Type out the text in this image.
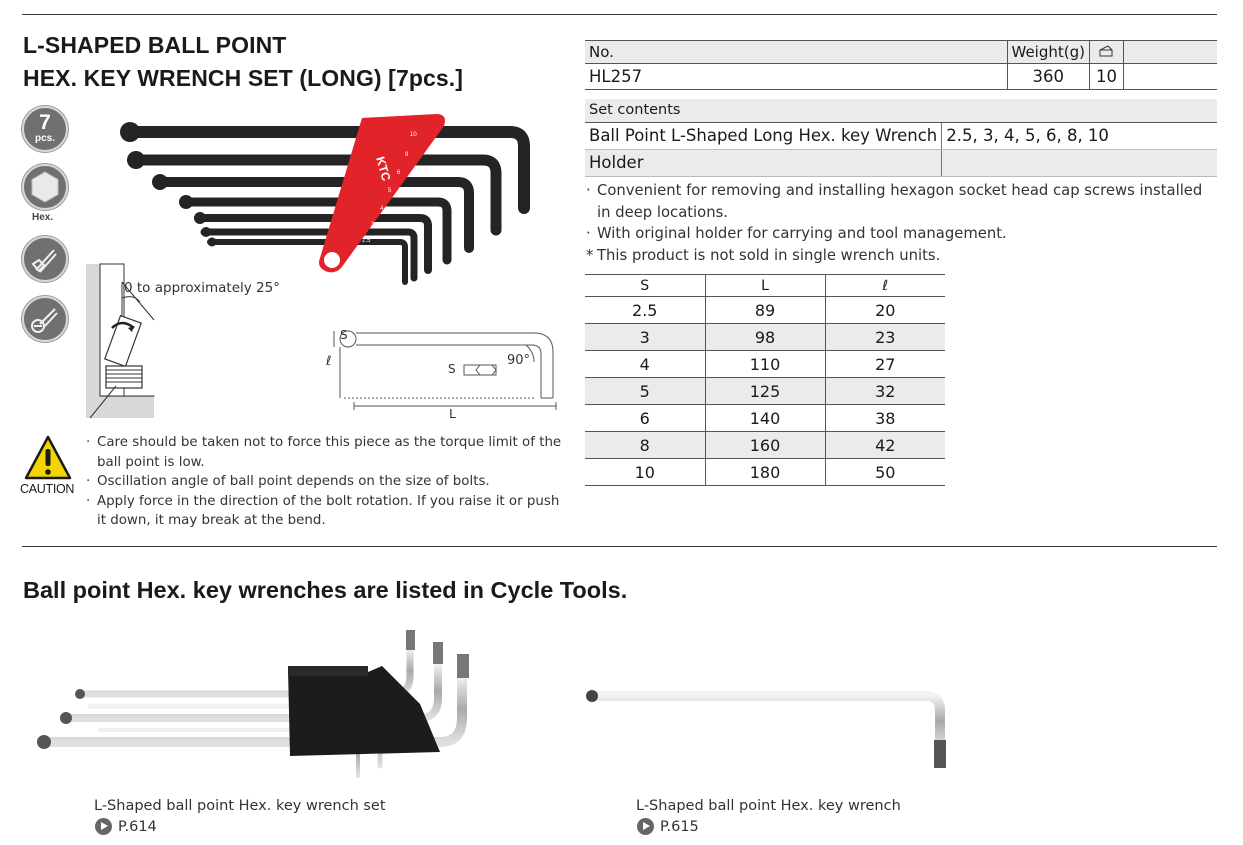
L-SHAPED BALL POINT
HEX. KEY WRENCH SET (LONG) [7pcs.]
7
pcs.
Hex.
KTC
10
8
6
5
4
3
2.5
0 to approximately 25°
S
ℓ	S
90°
L
CAUTION

· Care should be taken not to force this piece as the torque limit of the ball point is low.

· Oscillation angle of ball point depends on the size of bolts.

· Apply force in the direction of the bolt rotation. If you raise it or push it down, it may break at the bend.

No.	Weight(g)		
HL257	360	10	
Set contents	
Ball Point L-Shaped Long Hex. key Wrench	2.5, 3, 4, 5, 6, 8, 10
Holder	

· Convenient for removing and installing hexagon socket head cap screws installed in deep locations.

· With original holder for carrying and tool management.

* This product is not sold in single wrench units.

S	L	ℓ
2.5	89	20
3	98	23
4	110	27
5	125	32
6	140	38
8	160	42
10	180	50
Ball point Hex. key wrenches are listed in Cycle Tools.
L-Shaped ball point Hex. key wrench set
P.614
L-Shaped ball point Hex. key wrench
P.615
